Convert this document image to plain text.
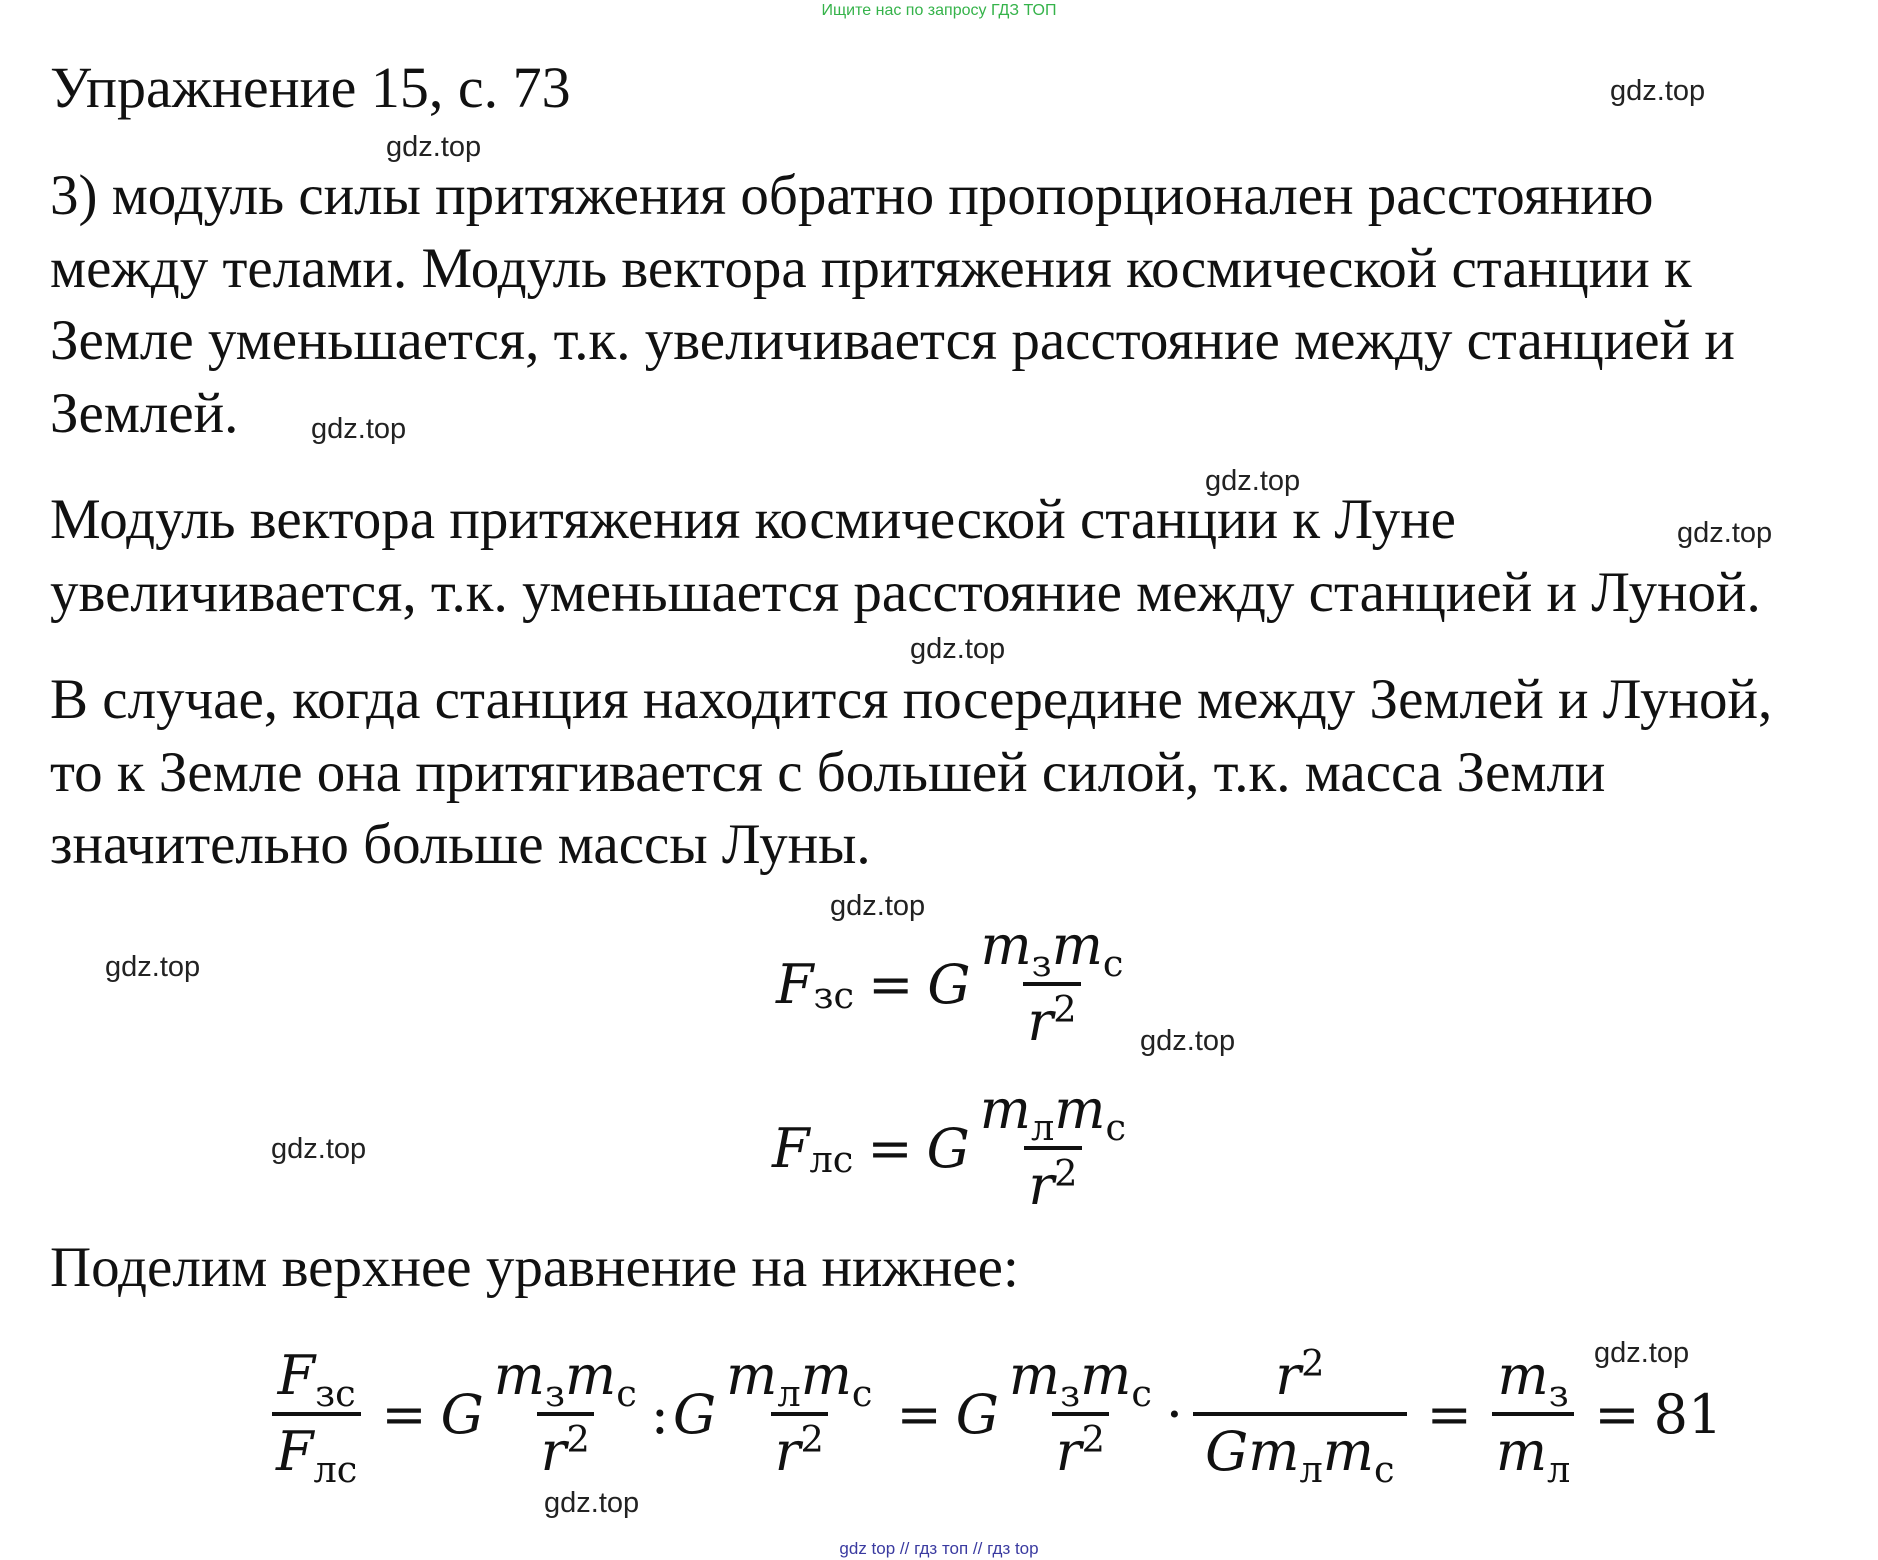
Ищите нас по запросу ГДЗ ТОП
Упражнение 15, с. 73
3) модуль силы притяжения обратно пропорционален расстоянию
между телами. Модуль вектора притяжения космической станции к
Земле уменьшается, т.к. увеличивается расстояние между станцией и
Землей.
Модуль вектора притяжения космической станции к Луне
увеличивается, т.к. уменьшается расстояние между станцией и Луной.
В случае, когда станция находится посередине между Землей и Луной,
то к Земле она притягивается с большей силой, т.к. масса Земли
значительно больше массы Луны.
F зс = G $\frac{m_зm_с}{r^2}$
F лс = G $\frac{m_лm_с}{r^2}$
Поделим верхнее уравнение на нижнее:
$\frac{F_{зс}}{F_{лс}} = G \frac{m_зm_с}{r^2}$ : G $\frac{m_лm_с}{r^2} = G \frac{m_зm_с}{r^2} \cdot \frac{r^2}{Gm_лm_с} = \frac{m_з}{m_л} = 81$
gdz.top
gdz.top
gdz.top
gdz.top
gdz.top
gdz.top
gdz.top
gdz.top
gdz.top
gdz.top
gdz.top
gdz.top
gdz top // гдз топ // гдз top
